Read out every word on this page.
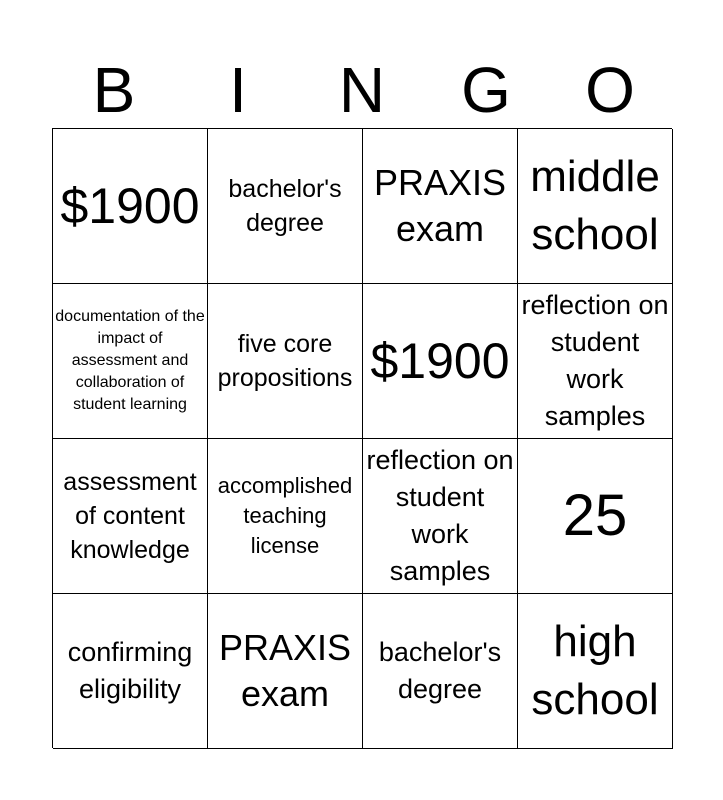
B	I	N	G	O
$1900	bachelor's degree
PRAXIS exam
middle school
documentation of the impact of assessment and collaboration of student learning
five core propositions $1900
reflection on student work samples
assessment of content knowledge
accomplished teaching license
reflection on student work samples
25
confirming eligibility
PRAXIS exam
bachelor's degree
high school
